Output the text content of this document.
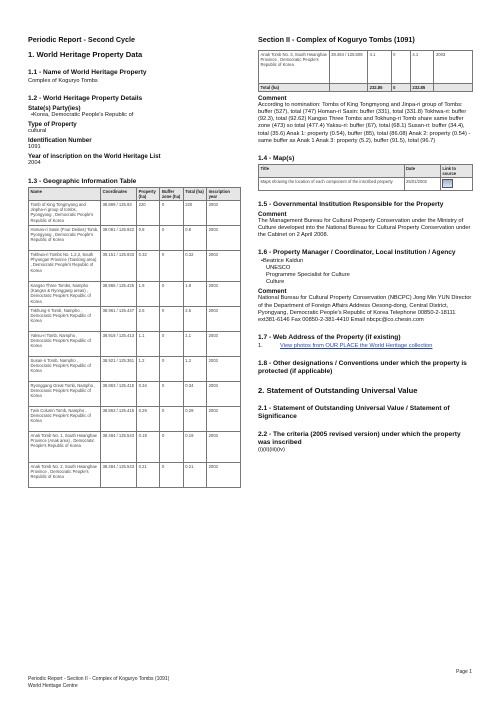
Periodic Report - Second Cycle	Section II - Complex of Koguryo Tombs (1091)
1. World Heritage Property Data
1.1 - Name of World Heritage Property
Complex of Koguryo Tombs
1.2 - World Heritage Property Details
State(s) Party(ies)
• Korea, Democratic People's Republic of
Type of Property
cultural
Identification Number
1091
Year of inscription on the World Heritage List
2004
1.3 - Geographic Information Table
Name	Coordinates	Property (ha)	Buffer zone (ha)	Total (ha)	Inscription year
Tomb of King Tongmyong and Jinpha-ri group of tombs, Pyongyang , Democratic People's Republic of Korea	38.889 / 125.93	220	0	220	2003
Homan-ri Sasin (Four Deities) Tomb, Pyongyang , Democratic People's Republic of Korea	39.081 / 125.922	0.8	0	0.8	2003
Tokhwa-ri Tombs No. 1,2,3, South Phyongan Province (Taedong area) , Democratic People's Republic of Korea	39.151 / 125.933	0.32	0	0.32	2003
Kangso Three Tombs, Nampho (Kangso & Ryonggang areas) , Democratic People's Republic of Korea	38.965 / 125.425	1.9	0	1.9	2003
Tokhung-ri Tomb, Nampho , Democratic People's Republic of Korea	38.961 / 125.447	2.5	0	2.5	2003
Yaksu-ri Tomb, Nampho , Democratic People's Republic of Korea	38.919 / 125.413	1.1	0	1.1	2003
Susan-ri Tomb, Nampho , Democratic People's Republic of Korea	38.921 / 125.361	1.2	0	1.2	2003
Ryonggang Great Tomb, Nampho , Democratic People's Republic of Korea	38.863 / 125.415	0.34	0	0.34	2003
Twin Column Tomb, Nampho , Democratic People's Republic of Korea	38.863 / 125.415	0.29	0	0.29	2003
Anak Tomb No. 1, South Hwanghae Province (Anak area) , Democratic People's Republic of Korea	38.484 / 125.543	0.19	0	0.19	2003
Anak Tomb No. 2, South Hwanghae Province , Democratic People's Republic of Korea	38.484 / 125.543	0.21	0	0.21	2003
Anak Tomb No. 3, South Hwanghae Province , Democratic People's Republic of Korea	38.484 / 125.508	4.1	0	4.1	2003
Total (ha)		232.85	0	232.85	
Comment
According to nomination: Tombs of King Tongmyong and Jinpa-ri group of Tombs: buffer (527), total (747) Homan-ri Sasin: buffer (331), total (331.8) Tokhwa-ri: buffer (92.3), total (92.62) Kangso Three Tombs and Tokhung-ri Tomb share same buffer zone (473) so total (477.4) Yaksu-ri: buffer (67), total (68.1) Susan-ri: buffer (34.4), total (35.6) Anak 1: property (0.54), buffer (85), total (86.08) Anak 2: property (0.54) - same buffer as Anak 1 Anak 3: property (5.2), buffer (91.5), total (96.7)
1.4 - Map(s)
Title	Date	Link to source
Maps showing the location of each component of the inscribed property	25/01/2002	
1.5 - Governmental Institution Responsible for the Property
Comment
The Management Bureau for Cultural Property Conservation under the Ministry of Culture developed into the National Bureau for Cultural Property Conservation under the Cabinet on 2 April 2008.
1.6 - Property Manager / Coordinator, Local Institution / Agency
• Beatrice Kaldun
UNESCO
Programme Specialist for Culture
Culture
Comment
National Bureau for Cultural Property Conservation (NBCPC) Jong Min YUN Director of the Department of Foreign Affairs Address Oesong-dong, Central District, Pyongyang, Democratic People's Republic of Korea Telephone 00850-2-18111 ext381-6146 Fax 00850-2-381-4410 Email nbcpc@co.chesin.com
1.7 - Web Address of the Property (if existing)
1.	View photos from OUR PLACE the World Heritage collection
1.8 - Other designations / Conventions under which the property is protected (if applicable)
2. Statement of Outstanding Universal Value
2.1 - Statement of Outstanding Universal Value / Statement of Significance
2.2 - The criteria (2005 revised version) under which the property was inscribed
(i)(ii)(iii)(iv)
Page 1
Periodic Report - Section II - Complex of Koguryo Tombs (1091)
World Heritage Centre
